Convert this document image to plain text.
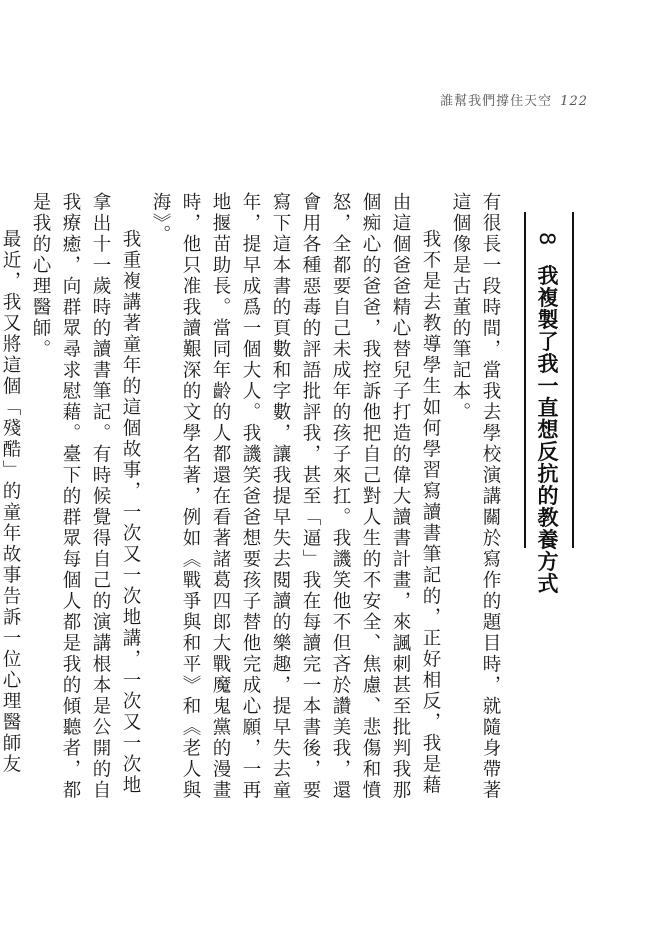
誰幫我們撐住天空 122
8 我複製了我一直想反抗的教養方式

有很長一段時間，當我去學校演講關於寫作的題目時，就隨身帶著這個像是古董的筆記本。

我不是去教導學生如何學習寫讀書筆記的，正好相反，我是藉由這個爸爸精心替兒子打造的偉大讀書計畫，來諷刺甚至批判我那個痴心的爸爸，我控訴他把自己對人生的不安全、焦慮、悲傷和憤怒，全都要自己未成年的孩子來扛。我譏笑他不但吝於讚美我，還會用各種惡毒的評語批評我，甚至「逼」我在每讀完一本書後，要寫下這本書的頁數和字數，讓我提早失去閱讀的樂趣，提早失去童年，提早成爲一個大人。我譏笑爸爸想要孩子替他完成心願，一再地揠苗助長。當同年齡的人都還在看著諸葛四郎大戰魔鬼黨的漫畫時，他只准我讀艱深的文學名著，例如《戰爭與和平》和《老人與海》。

我重複講著童年的這個故事，一次又一次地講，一次又一次地拿出十一歲時的讀書筆記。有時候覺得自己的演講根本是公開的自我療癒，向群眾尋求慰藉。臺下的群眾每個人都是我的傾聽者，都是我的心理醫師。

最近，我又將這個「殘酷」的童年故事告訴一位心理醫師友
